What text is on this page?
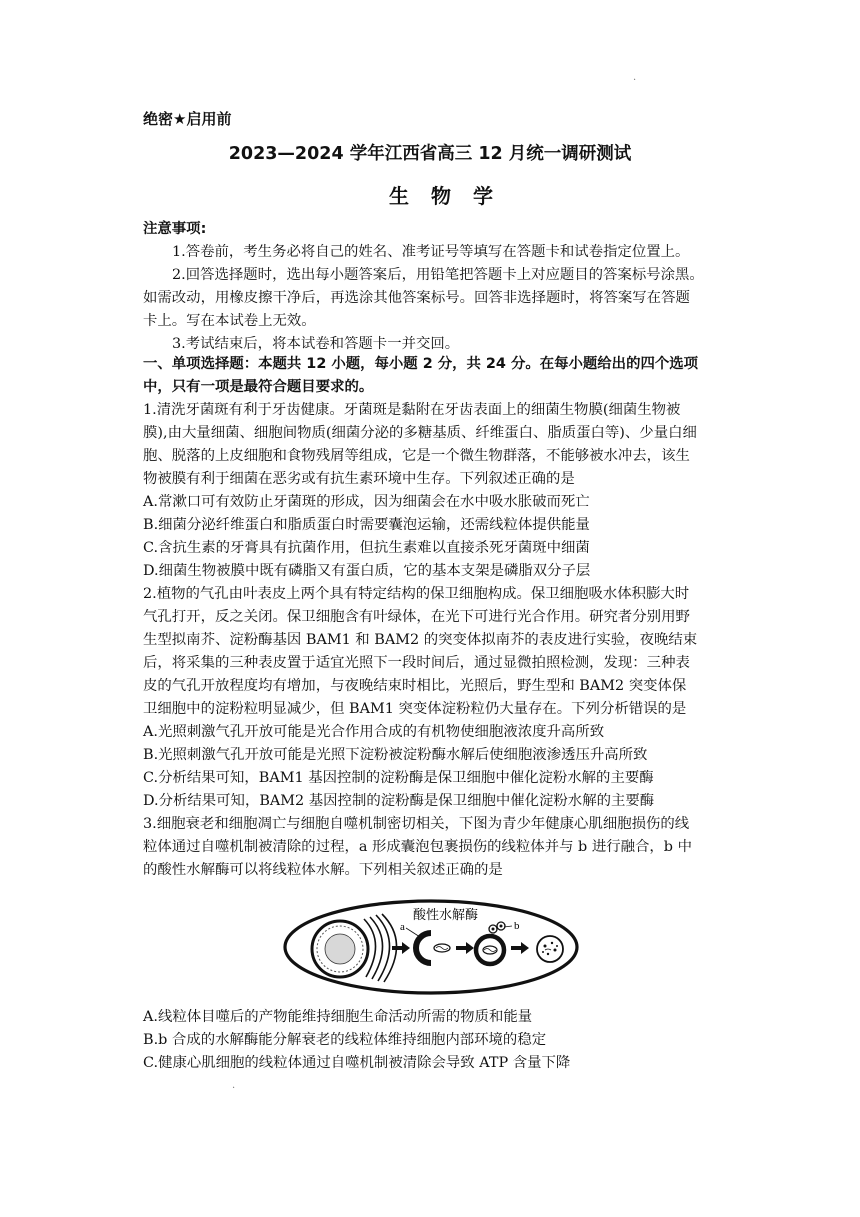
.
绝密★启用前
2023—2024 学年江西省高三 12 月统一调研测试
生物学
注意事项:
1.答卷前，考生务必将自己的姓名、准考证号等填写在答题卡和试卷指定位置上。
2.回答选择题时，选出每小题答案后，用铅笔把答题卡上对应题目的答案标号涂黑。
如需改动，用橡皮擦干净后，再选涂其他答案标号。回答非选择题时，将答案写在答题
卡上。写在本试卷上无效。
3.考试结束后，将本试卷和答题卡一并交回。
一、单项选择题：本题共 12 小题，每小题 2 分，共 24 分。在每小题给出的四个选项
中，只有一项是最符合题目要求的。
1.清洗牙菌斑有利于牙齿健康。牙菌斑是黏附在牙齿表面上的细菌生物膜(细菌生物被
膜),由大量细菌、细胞间物质(细菌分泌的多糖基质、纤维蛋白、脂质蛋白等)、少量白细
胞、脱落的上皮细胞和食物残屑等组成，它是一个微生物群落，不能够被水冲去，该生
物被膜有利于细菌在恶劣或有抗生素环境中生存。下列叙述正确的是
A.常漱口可有效防止牙菌斑的形成，因为细菌会在水中吸水胀破而死亡
B.细菌分泌纤维蛋白和脂质蛋白时需要囊泡运输，还需线粒体提供能量
C.含抗生素的牙膏具有抗菌作用，但抗生素难以直接杀死牙菌斑中细菌
D.细菌生物被膜中既有磷脂又有蛋白质，它的基本支架是磷脂双分子层
2.植物的气孔由叶表皮上两个具有特定结构的保卫细胞构成。保卫细胞吸水体积膨大时
气孔打开，反之关闭。保卫细胞含有叶绿体，在光下可进行光合作用。研究者分别用野
生型拟南芥、淀粉酶基因 BAM1 和 BAM2 的突变体拟南芥的表皮进行实验，夜晚结束
后，将采集的三种表皮置于适宜光照下一段时间后，通过显微拍照检测，发现：三种表
皮的气孔开放程度均有增加，与夜晚结束时相比，光照后，野生型和 BAM2 突变体保
卫细胞中的淀粉粒明显减少，但 BAM1 突变体淀粉粒仍大量存在。下列分析错误的是
A.光照刺激气孔开放可能是光合作用合成的有机物使细胞液浓度升高所致
B.光照刺激气孔开放可能是光照下淀粉被淀粉酶水解后使细胞液渗透压升高所致
C.分析结果可知，BAM1 基因控制的淀粉酶是保卫细胞中催化淀粉水解的主要酶
D.分析结果可知，BAM2 基因控制的淀粉酶是保卫细胞中催化淀粉水解的主要酶
3.细胞衰老和细胞凋亡与细胞自噬机制密切相关，下图为青少年健康心肌细胞损伤的线
粒体通过自噬机制被清除的过程，a 形成囊泡包裹损伤的线粒体并与 b 进行融合，b 中
的酸性水解酶可以将线粒体水解。下列相关叙述正确的是
a
酸性水解酶
b
A.线粒体目噬后的产物能维持细胞生命活动所需的物质和能量
B.b 合成的水解酶能分解衰老的线粒体维持细胞内部环境的稳定
C.健康心肌细胞的线粒体通过自噬机制被清除会导致 ATP 含量下降
.
